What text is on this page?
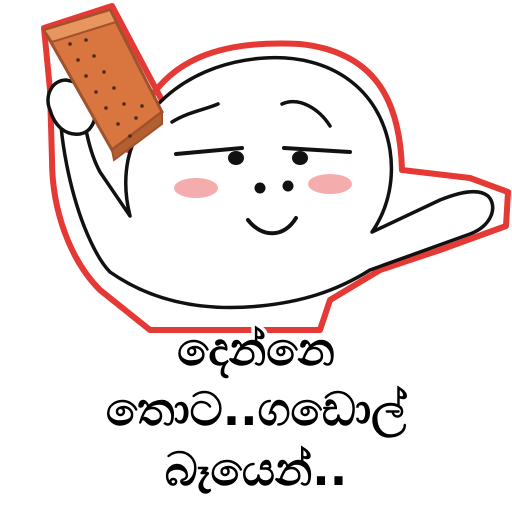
දෙන්නෙ
තොට..ගඩොල්
බෑයෙන්..
